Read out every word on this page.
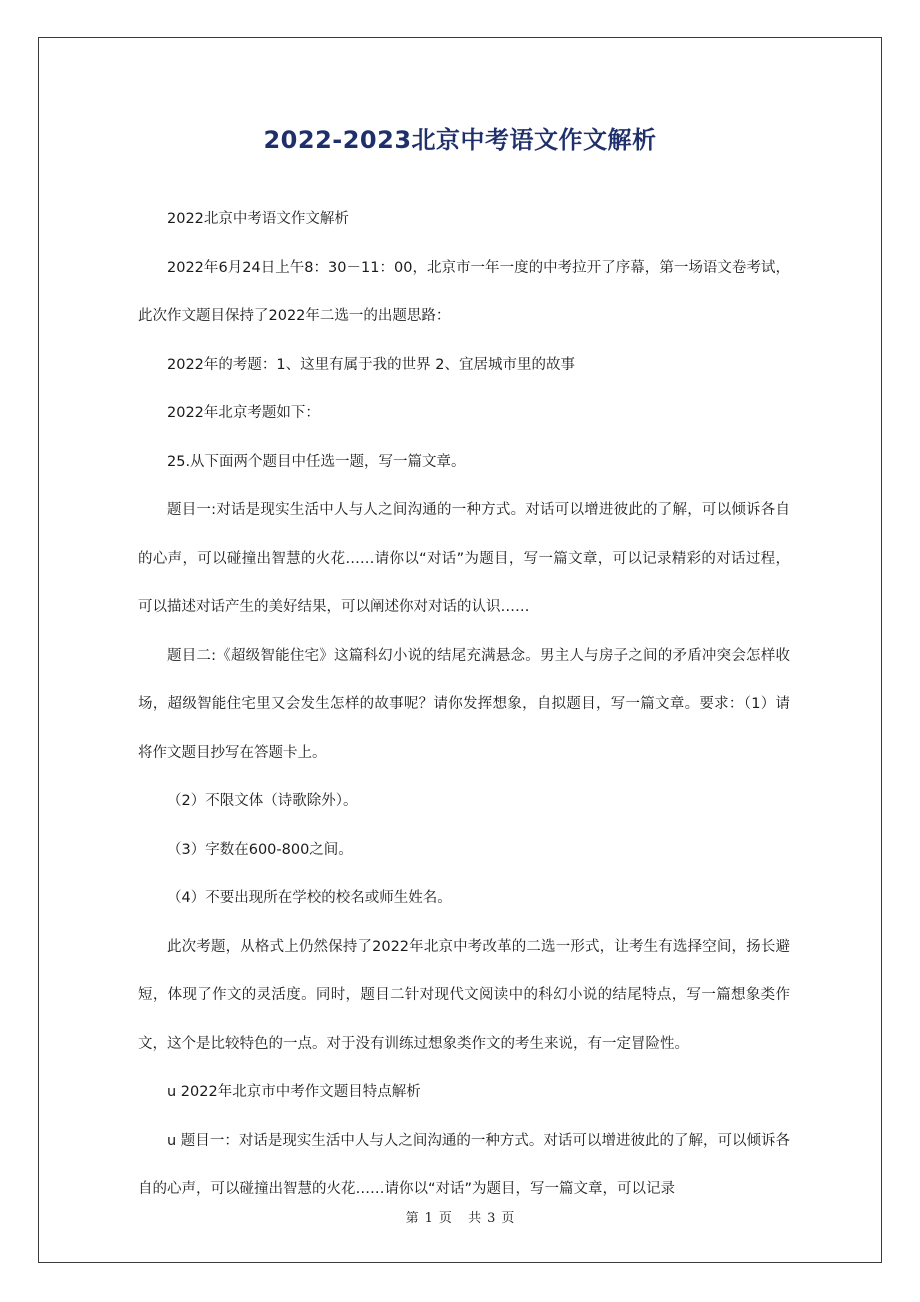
2022-2023北京中考语文作文解析

2022北京中考语文作文解析

2022年6月24日上午8：30－11：00，北京市一年一度的中考拉开了序幕，第一场语文卷考试，此次作文题目保持了2022年二选一的出题思路：

2022年的考题：1、这里有属于我的世界 2、宜居城市里的故事

2022年北京考题如下：

25.从下面两个题目中任选一题，写一篇文章。

题目一:对话是现实生活中人与人之间沟通的一种方式。对话可以增进彼此的了解，可以倾诉各自的心声，可以碰撞出智慧的火花……请你以“对话”为题目，写一篇文章，可以记录精彩的对话过程，可以描述对话产生的美好结果，可以阐述你对对话的认识……

题目二:《超级智能住宅》这篇科幻小说的结尾充满悬念。男主人与房子之间的矛盾冲突会怎样收场，超级智能住宅里又会发生怎样的故事呢？请你发挥想象，自拟题目，写一篇文章。要求：（1）请将作文题目抄写在答题卡上。

（2）不限文体（诗歌除外）。

（3）字数在600-800之间。

（4）不要出现所在学校的校名或师生姓名。

此次考题，从格式上仍然保持了2022年北京中考改革的二选一形式，让考生有选择空间，扬长避短，体现了作文的灵活度。同时，题目二针对现代文阅读中的科幻小说的结尾特点，写一篇想象类作文，这个是比较特色的一点。对于没有训练过想象类作文的考生来说，有一定冒险性。

u 2022年北京市中考作文题目特点解析

u 题目一：对话是现实生活中人与人之间沟通的一种方式。对话可以增进彼此的了解，可以倾诉各自的心声，可以碰撞出智慧的火花……请你以“对话”为题目，写一篇文章，可以记录

第 1 页 共 3 页
